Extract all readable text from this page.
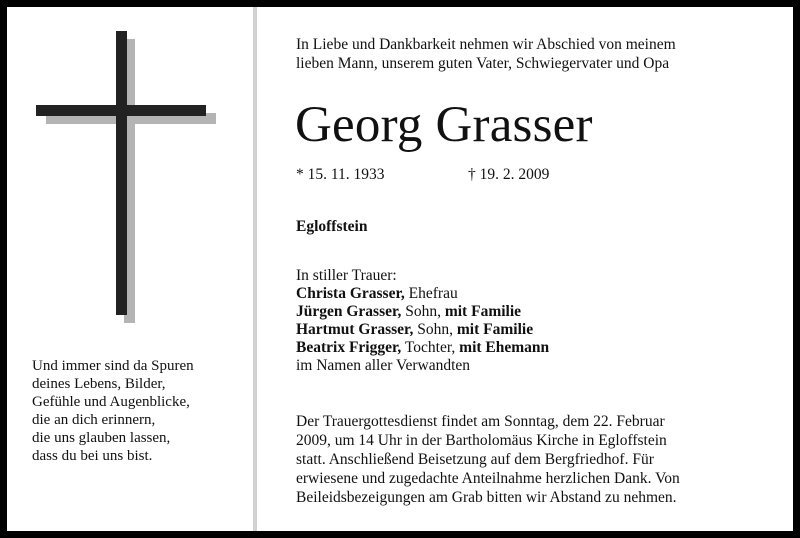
Und immer sind da Spuren
deines Lebens, Bilder,
Gefühle und Augenblicke,
die an dich erinnern,
die uns glauben lassen,
dass du bei uns bist.
In Liebe und Dankbarkeit nehmen wir Abschied von meinem
lieben Mann, unserem guten Vater, Schwiegervater und Opa
Georg Grasser
* 15. 11. 1933	† 19. 2. 2009
Egloffstein
In stiller Trauer:
Christa Grasser, Ehefrau
Jürgen Grasser, Sohn, mit Familie
Hartmut Grasser, Sohn, mit Familie
Beatrix Frigger, Tochter, mit Ehemann
im Namen aller Verwandten
Der Trauergottesdienst findet am Sonntag, dem 22. Februar
2009, um 14 Uhr in der Bartholomäus Kirche in Egloffstein
statt. Anschließend Beisetzung auf dem Bergfriedhof. Für
erwiesene und zugedachte Anteilnahme herzlichen Dank. Von
Beileidsbezeigungen am Grab bitten wir Abstand zu nehmen.
